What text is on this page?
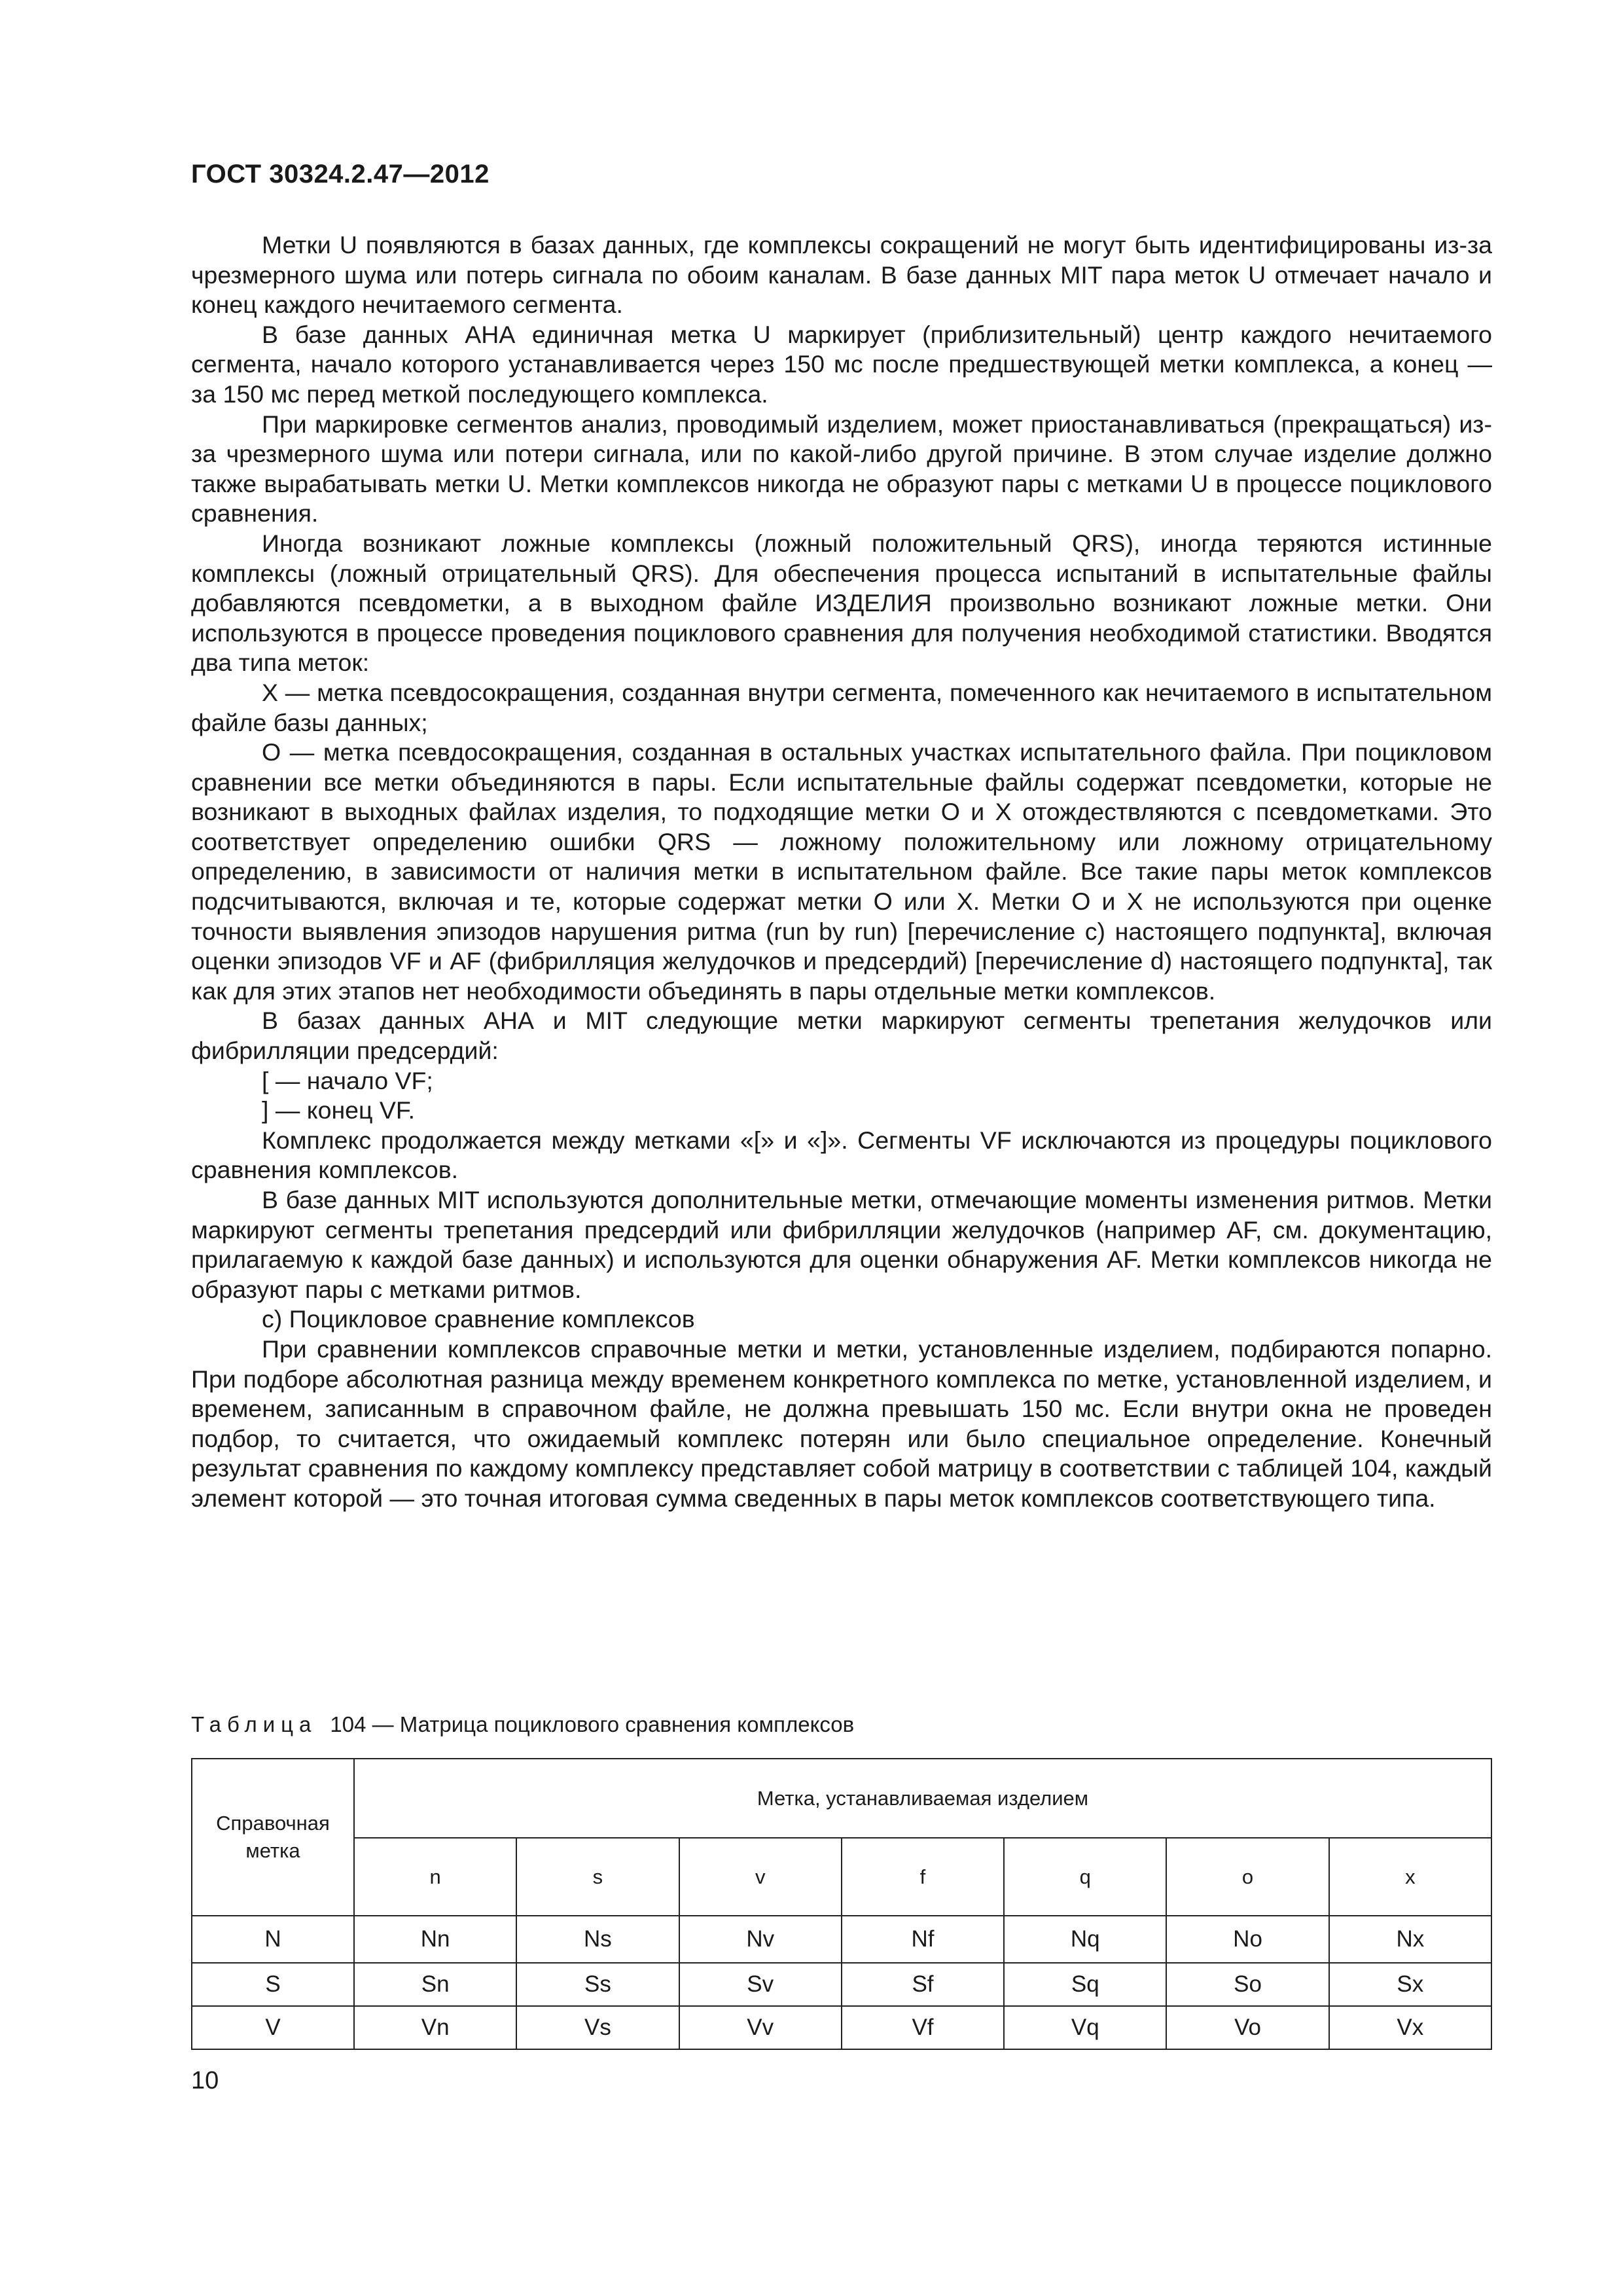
ГОСТ 30324.2.47—2012

Метки U появляются в базах данных, где комплексы сокращений не могут быть идентифицированы из-за чрезмерного шума или потерь сигнала по обоим каналам. В базе данных MIT пара меток U отмечает начало и конец каждого нечитаемого сегмента.

В базе данных АНА единичная метка U маркирует (приблизительный) центр каждого нечитаемого сегмента, начало которого устанавливается через 150 мс после предшествующей метки комплекса, а конец — за 150 мс перед меткой последующего комплекса.

При маркировке сегментов анализ, проводимый изделием, может приостанавливаться (прекращаться) из-за чрезмерного шума или потери сигнала, или по какой-либо другой причине. В этом случае изделие должно также вырабатывать метки U. Метки комплексов никогда не образуют пары с метками U в процессе поциклового сравнения.

Иногда возникают ложные комплексы (ложный положительный QRS), иногда теряются истинные комплексы (ложный отрицательный QRS). Для обеспечения процесса испытаний в испытательные файлы добавляются псевдометки, а в выходном файле ИЗДЕЛИЯ произвольно возникают ложные метки. Они используются в процессе проведения поциклового сравнения для получения необходимой статистики. Вводятся два типа меток:

X — метка псевдосокращения, созданная внутри сегмента, помеченного как нечитаемого в испытательном файле базы данных;

O — метка псевдосокращения, созданная в остальных участках испытательного файла. При поцикловом сравнении все метки объединяются в пары. Если испытательные файлы содержат псевдометки, которые не возникают в выходных файлах изделия, то подходящие метки O и X отождествляются с псевдометками. Это соответствует определению ошибки QRS — ложному положительному или ложному отрицательному определению, в зависимости от наличия метки в испытательном файле. Все такие пары меток комплексов подсчитываются, включая и те, которые содержат метки O или X. Метки O и X не используются при оценке точности выявления эпизодов нарушения ритма (run by run) [перечисление c) настоящего подпункта], включая оценки эпизодов VF и AF (фибрилляция желудочков и предсердий) [перечисление d) настоящего подпункта], так как для этих этапов нет необходимости объединять в пары отдельные метки комплексов.

В базах данных АНА и MIT следующие метки маркируют сегменты трепетания желудочков или фибрилляции предсердий:

[ — начало VF;

] — конец VF.

Комплекс продолжается между метками «[» и «]». Сегменты VF исключаются из процедуры поциклового сравнения комплексов.

В базе данных MIT используются дополнительные метки, отмечающие моменты изменения ритмов. Метки маркируют сегменты трепетания предсердий или фибрилляции желудочков (например AF, см. документацию, прилагаемую к каждой базе данных) и используются для оценки обнаружения AF. Метки комплексов никогда не образуют пары с метками ритмов.

c) Поцикловое сравнение комплексов

При сравнении комплексов справочные метки и метки, установленные изделием, подбираются попарно. При подборе абсолютная разница между временем конкретного комплекса по метке, установленной изделием, и временем, записанным в справочном файле, не должна превышать 150 мс. Если внутри окна не проведен подбор, то считается, что ожидаемый комплекс потерян или было специальное определение. Конечный результат сравнения по каждому комплексу представляет собой матрицу в соответствии с таблицей 104, каждый элемент которой — это точная итоговая сумма сведенных в пары меток комплексов соответствующего типа.

Таблица 104 — Матрица поциклового сравнения комплексов
Справочная метка	Метка, устанавливаемая изделием						
	n	s	v	f	q	o	x
N	Nn	Ns	Nv	Nf	Nq	No	Nx
S	Sn	Ss	Sv	Sf	Sq	So	Sx
V	Vn	Vs	Vv	Vf	Vq	Vo	Vx
10
